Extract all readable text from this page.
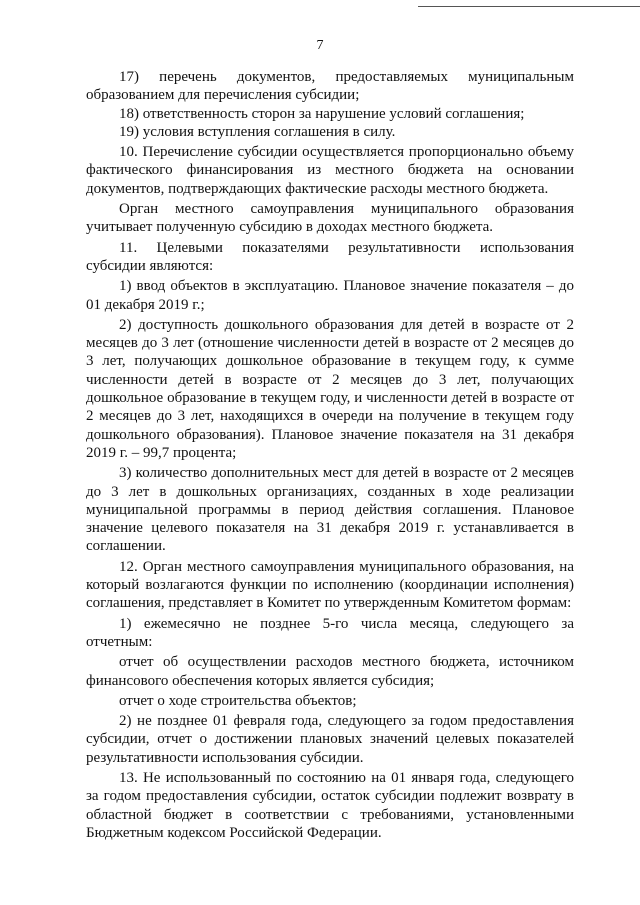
7

17) перечень документов, предоставляемых муниципальным образованием для перечисления субсидии;

18) ответственность сторон за нарушение условий соглашения;

19) условия вступления соглашения в силу.

10. Перечисление субсидии осуществляется пропорционально объему фактического финансирования из местного бюджета на основании документов, подтверждающих фактические расходы местного бюджета.

Орган местного самоуправления муниципального образования учитывает полученную субсидию в доходах местного бюджета.

11. Целевыми показателями результативности использования субсидии являются:

1) ввод объектов в эксплуатацию. Плановое значение показателя – до 01 декабря 2019 г.;

2) доступность дошкольного образования для детей в возрасте от 2 месяцев до 3 лет (отношение численности детей в возрасте от 2 месяцев до 3 лет, получающих дошкольное образование в текущем году, к сумме численности детей в возрасте от 2 месяцев до 3 лет, получающих дошкольное образование в текущем году, и численности детей в возрасте от 2 месяцев до 3 лет, находящихся в очереди на получение в текущем году дошкольного образования). Плановое значение показателя на 31 декабря 2019 г. – 99,7 процента;

3) количество дополнительных мест для детей в возрасте от 2 месяцев до 3 лет в дошкольных организациях, созданных в ходе реализации муниципальной программы в период действия соглашения. Плановое значение целевого показателя на 31 декабря 2019 г. устанавливается в соглашении.

12. Орган местного самоуправления муниципального образования, на который возлагаются функции по исполнению (координации исполнения) соглашения, представляет в Комитет по утвержденным Комитетом формам:

1) ежемесячно не позднее 5-го числа месяца, следующего за отчетным:

отчет об осуществлении расходов местного бюджета, источником финансового обеспечения которых является субсидия;

отчет о ходе строительства объектов;

2) не позднее 01 февраля года, следующего за годом предоставления субсидии, отчет о достижении плановых значений целевых показателей результативности использования субсидии.

13. Не использованный по состоянию на 01 января года, следующего за годом предоставления субсидии, остаток субсидии подлежит возврату в областной бюджет в соответствии с требованиями, установленными Бюджетным кодексом Российской Федерации.
